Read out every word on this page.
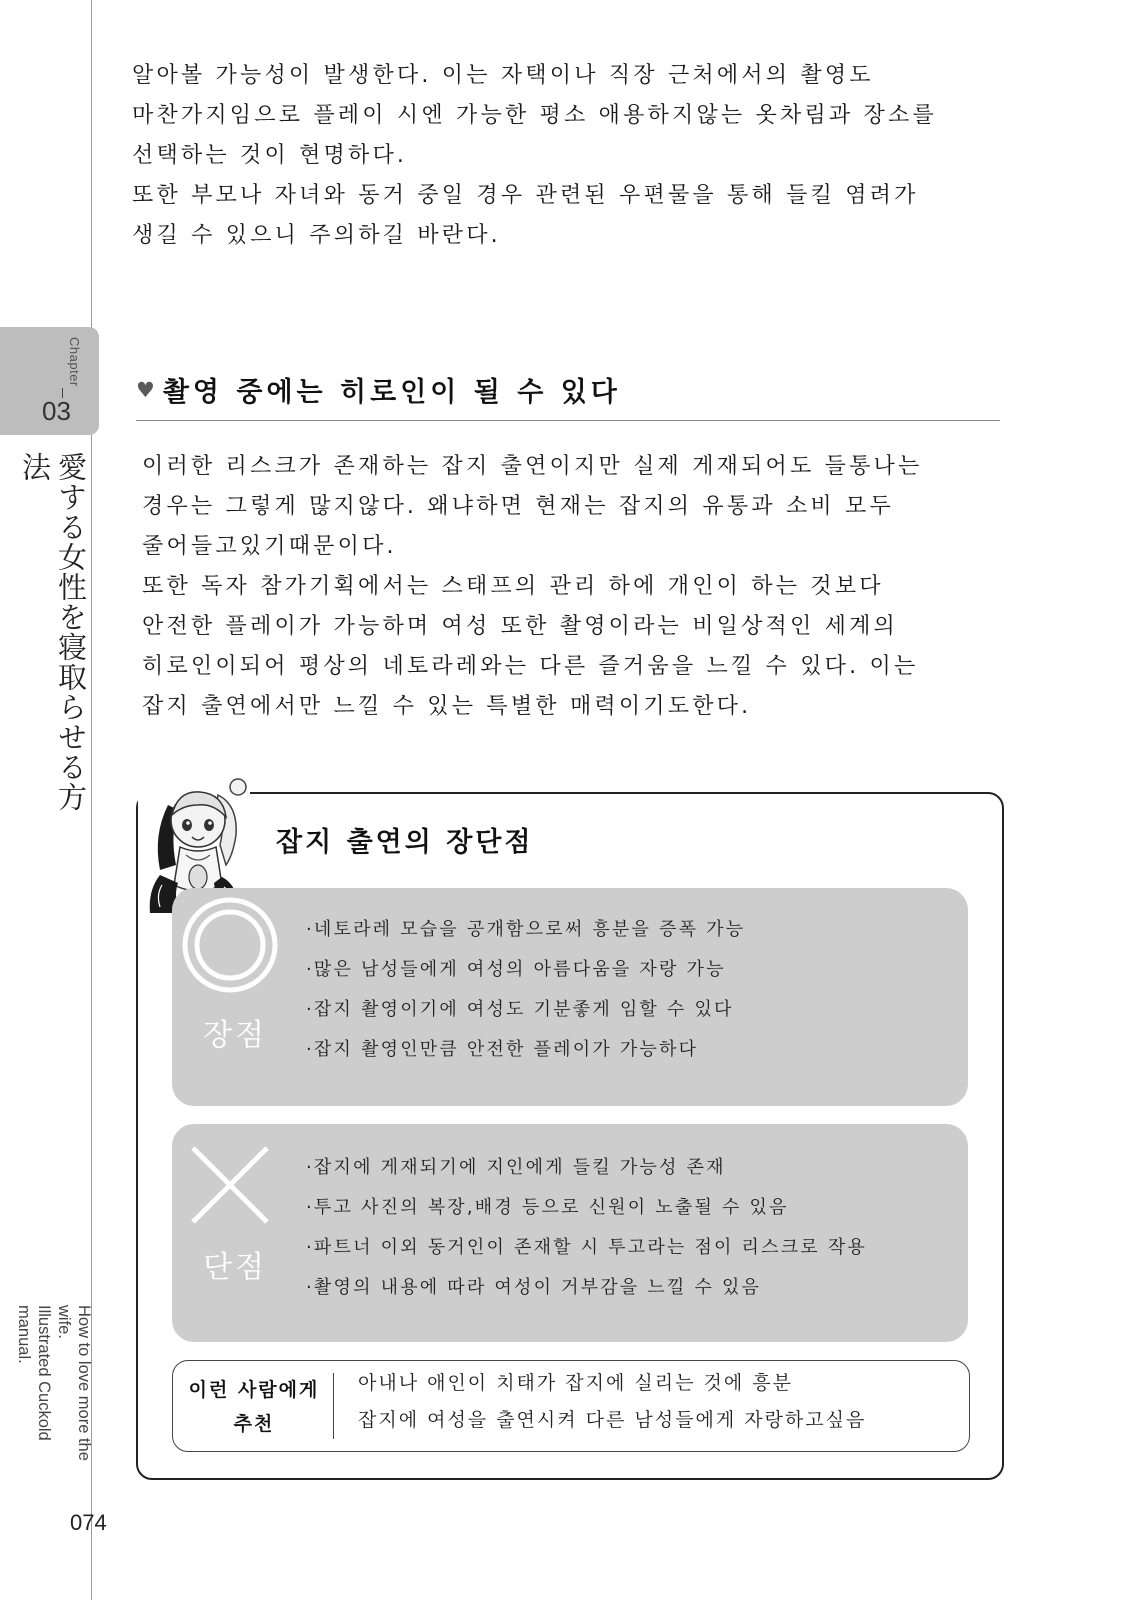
Chapter
03
愛する女性を寝取らせる方法
How to love more the wife.
Illustrated Cuckold manual.
074
알아볼 가능성이 발생한다. 이는 자택이나 직장 근처에서의 촬영도
마찬가지임으로 플레이 시엔 가능한 평소 애용하지않는 옷차림과 장소를
선택하는 것이 현명하다.
또한 부모나 자녀와 동거 중일 경우 관련된 우편물을 통해 들킬 염려가
생길 수 있으니 주의하길 바란다.
♥ 촬영 중에는 히로인이 될 수 있다
이러한 리스크가 존재하는 잡지 출연이지만 실제 게재되어도 들통나는
경우는 그렇게 많지않다. 왜냐하면 현재는 잡지의 유통과 소비 모두
줄어들고있기때문이다.
또한 독자 참가기획에서는 스태프의 관리 하에 개인이 하는 것보다
안전한 플레이가 가능하며 여성 또한 촬영이라는 비일상적인 세계의
히로인이되어 평상의 네토라레와는 다른 즐거움을 느낄 수 있다. 이는
잡지 출연에서만 느낄 수 있는 특별한 매력이기도한다.
잡지 출연의 장단점
장점
·네토라레 모습을 공개함으로써 흥분을 증폭 가능
·많은 남성들에게 여성의 아름다움을 자랑 가능
·잡지 촬영이기에 여성도 기분좋게 임할 수 있다
·잡지 촬영인만큼 안전한 플레이가 가능하다
단점
·잡지에 게재되기에 지인에게 들킬 가능성 존재
·투고 사진의 복장,배경 등으로 신원이 노출될 수 있음
·파트너 이외 동거인이 존재할 시 투고라는 점이 리스크로 작용
·촬영의 내용에 따라 여성이 거부감을 느낄 수 있음
이런 사람에게
추천
아내나 애인이 치태가 잡지에 실리는 것에 흥분
잡지에 여성을 출연시켜 다른 남성들에게 자랑하고싶음
